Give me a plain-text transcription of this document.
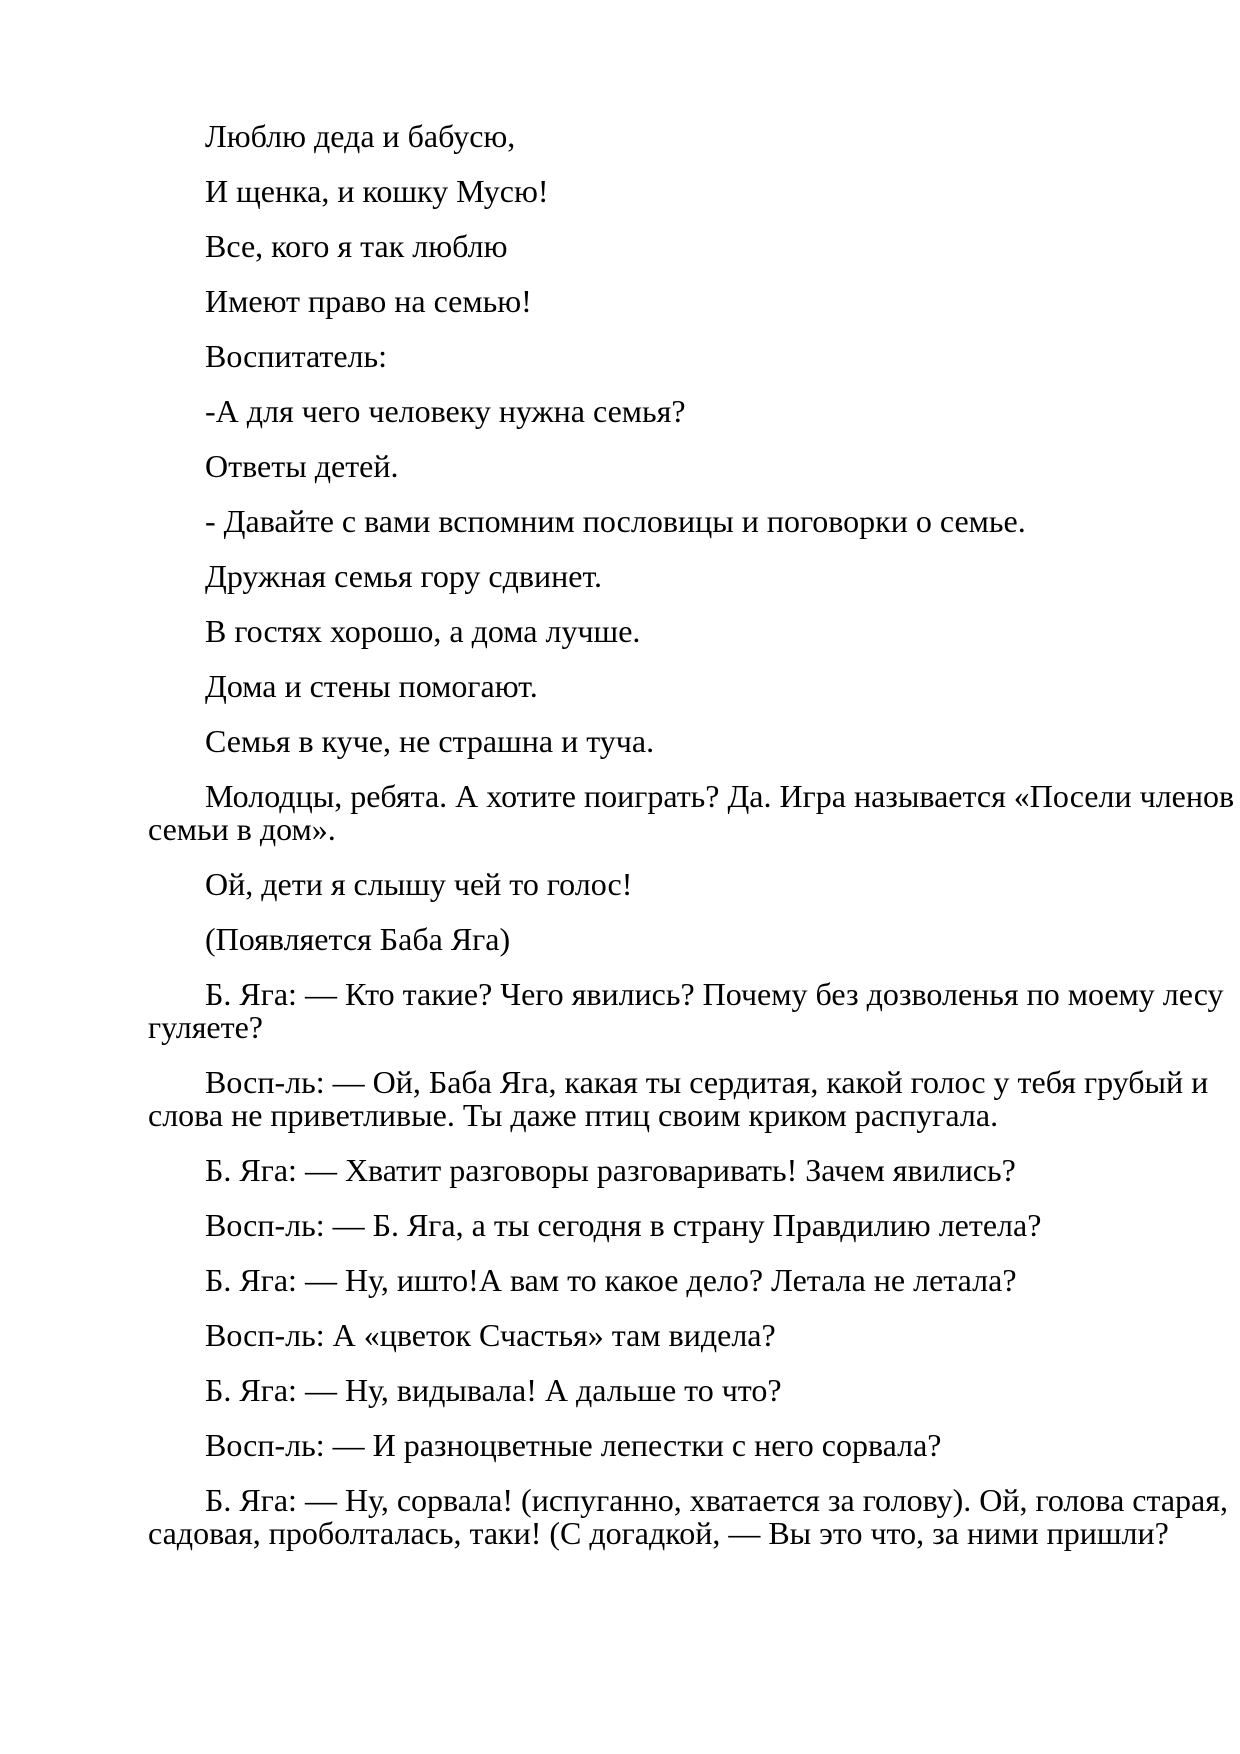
Люблю деда и бабусю,

И щенка, и кошку Мусю!

Все, кого я так люблю

Имеют право на семью!

Воспитатель:

-А для чего человеку нужна семья?

Ответы детей.

- Давайте с вами вспомним пословицы и поговорки о семье.

Дружная семья гору сдвинет.

В гостях хорошо, а дома лучше.

Дома и стены помогают.

Семья в куче, не страшна и туча.

Молодцы, ребята. А хотите поиграть? Да. Игра называется «Посели членов
семьи в дом».

Ой, дети я слышу чей то голос!

(Появляется Баба Яга)

Б. Яга: — Кто такие? Чего явились? Почему без дозволенья по моему лесу
гуляете?

Восп-ль: — Ой, Баба Яга, какая ты сердитая, какой голос у тебя грубый и
слова не приветливые. Ты даже птиц своим криком распугала.

Б. Яга: — Хватит разговоры разговаривать! Зачем явились?

Восп-ль: — Б. Яга, а ты сегодня в страну Правдилию летела?

Б. Яга: — Ну, ишто!А вам то какое дело? Летала не летала?

Восп-ль: А «цветок Счастья» там видела?

Б. Яга: — Ну, видывала! А дальше то что?

Восп-ль: — И разноцветные лепестки с него сорвала?

Б. Яга: — Ну, сорвала! (испуганно, хватается за голову). Ой, голова старая,
садовая, проболталась, таки! (С догадкой, — Вы это что, за ними пришли?
